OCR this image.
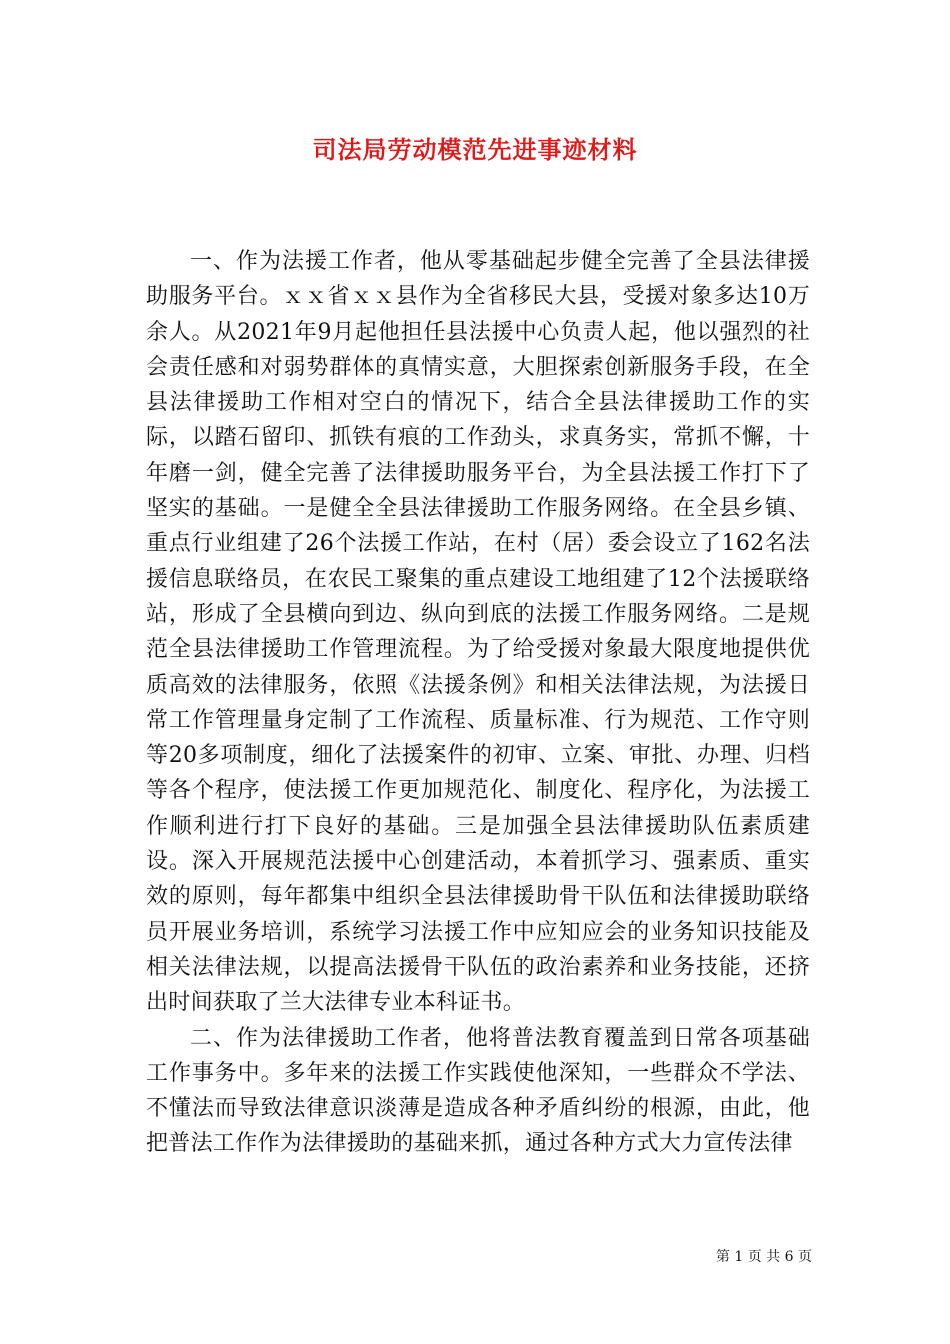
司法局劳动模范先进事迹材料

一、作为法援工作者，他从零基础起步健全完善了全县法律援助服务平台。ｘｘ省ｘｘ县作为全省移民大县，受援对象多达10万余人。从2021年9月起他担任县法援中心负责人起，他以强烈的社会责任感和对弱势群体的真情实意，大胆探索创新服务手段，在全县法律援助工作相对空白的情况下，结合全县法律援助工作的实际，以踏石留印、抓铁有痕的工作劲头，求真务实，常抓不懈，十年磨一剑，健全完善了法律援助服务平台，为全县法援工作打下了坚实的基础。一是健全全县法律援助工作服务网络。在全县乡镇、重点行业组建了26个法援工作站，在村（居）委会设立了162名法援信息联络员，在农民工聚集的重点建设工地组建了12个法援联络站，形成了全县横向到边、纵向到底的法援工作服务网络。二是规范全县法律援助工作管理流程。为了给受援对象最大限度地提供优质高效的法律服务，依照《法援条例》和相关法律法规，为法援日常工作管理量身定制了工作流程、质量标准、行为规范、工作守则等20多项制度，细化了法援案件的初审、立案、审批、办理、归档等各个程序，使法援工作更加规范化、制度化、程序化，为法援工作顺利进行打下良好的基础。三是加强全县法律援助队伍素质建设。深入开展规范法援中心创建活动，本着抓学习、强素质、重实效的原则，每年都集中组织全县法律援助骨干队伍和法律援助联络员开展业务培训，系统学习法援工作中应知应会的业务知识技能及相关法律法规，以提高法援骨干队伍的政治素养和业务技能，还挤出时间获取了兰大法律专业本科证书。

二、作为法律援助工作者，他将普法教育覆盖到日常各项基础工作事务中。多年来的法援工作实践使他深知，一些群众不学法、不懂法而导致法律意识淡薄是造成各种矛盾纠纷的根源，由此，他把普法工作作为法律援助的基础来抓，通过各种方式大力宣传法律

第 1 页 共 6 页
